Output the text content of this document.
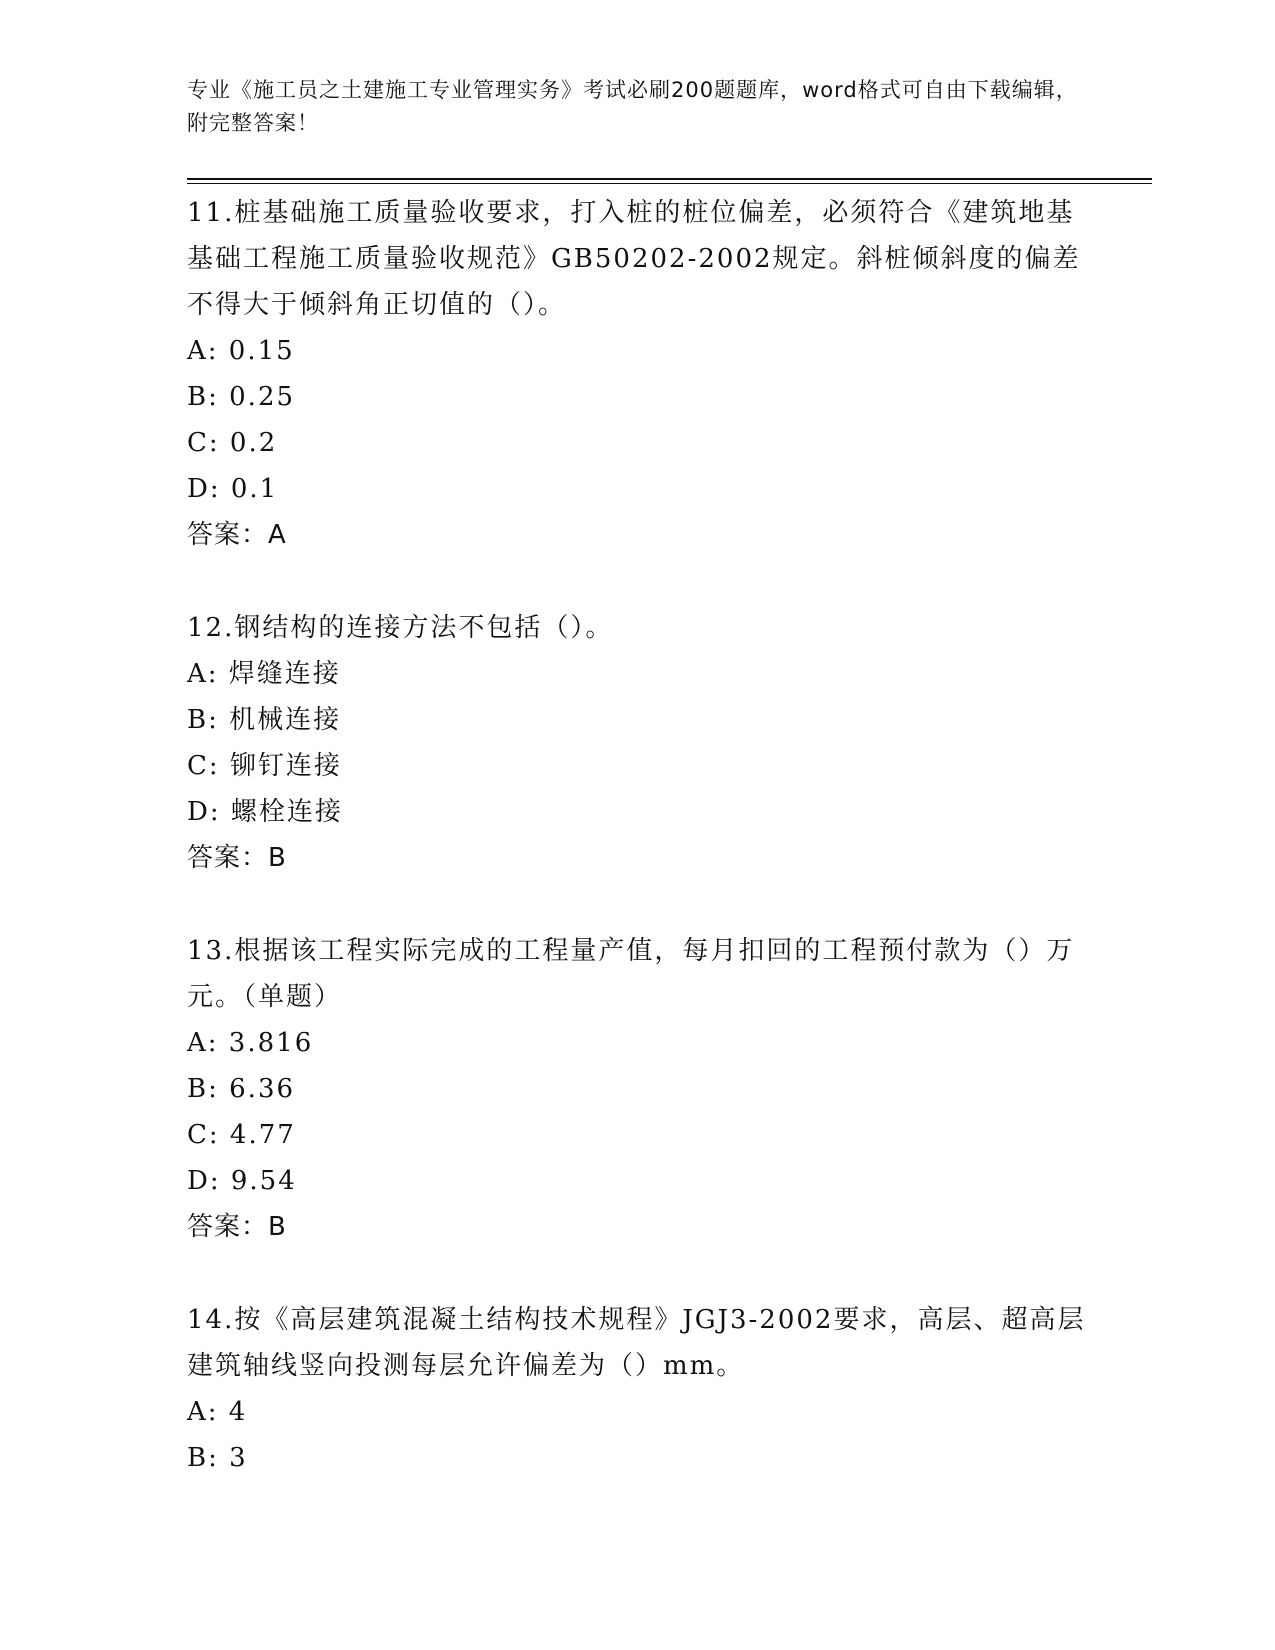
专业《施工员之土建施工专业管理实务》考试必刷200题题库，word格式可自由下载编辑，附完整答案！

11.桩基础施工质量验收要求，打入桩的桩位偏差，必须符合《建筑地基基础工程施工质量验收规范》GB50202-2002规定。斜桩倾斜度的偏差不得大于倾斜角正切值的（）。

A: 0.15

B: 0.25

C: 0.2

D: 0.1

答案：A

12.钢结构的连接方法不包括（）。

A: 焊缝连接

B: 机械连接

C: 铆钉连接

D: 螺栓连接

答案：B

13.根据该工程实际完成的工程量产值，每月扣回的工程预付款为（）万元。（单题）

A: 3.816

B: 6.36

C: 4.77

D: 9.54

答案：B

14.按《高层建筑混凝土结构技术规程》JGJ3-2002要求，高层、超高层建筑轴线竖向投测每层允许偏差为（）mm。

A: 4

B: 3
